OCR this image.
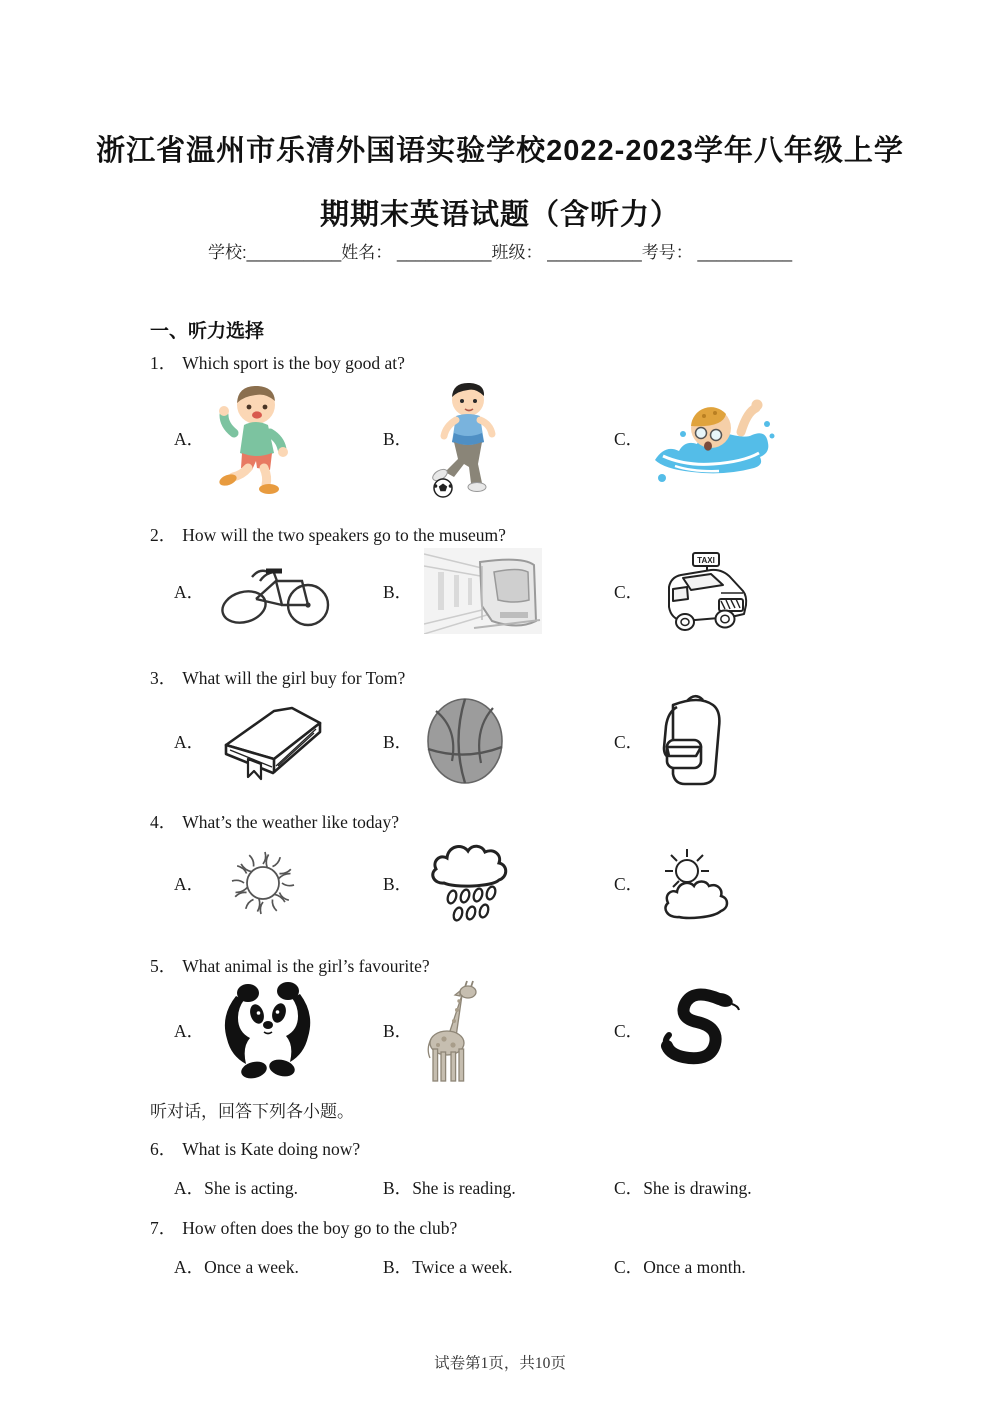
浙江省温州市乐清外国语实验学校2022-2023学年八年级上学
期期末英语试题（含听力）
学校:__________姓名： __________班级： __________考号： __________
一、听力选择
1． Which sport is the boy good at?
A．	B．	C．
2． How will the two speakers go to the museum?
A．	B．	C．
TAXI
3． What will the girl buy for Tom?
A．	B．	C．
4． What’s the weather like today?
A．	B．	C．
5． What animal is the girl’s favourite?
A．	B．	C．
听对话，回答下列各小题。
6． What is Kate doing now?
A．She is acting.	B．She is reading.	C．She is drawing.
7． How often does the boy go to the club?
A．Once a week.	B．Twice a week.	C．Once a month.
试卷第1页，共10页
